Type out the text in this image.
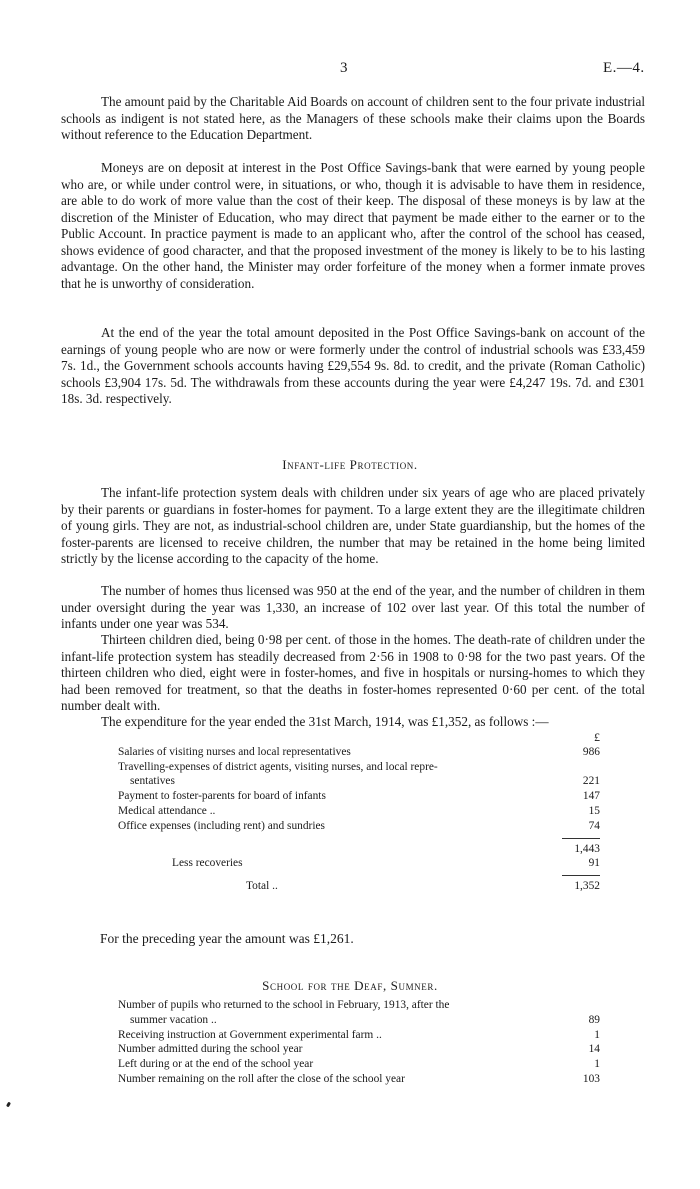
3	E.—4.

The amount paid by the Charitable Aid Boards on account of children sent to the four private industrial schools as indigent is not stated here, as the Managers of these schools make their claims upon the Boards without reference to the Education Department.

Moneys are on deposit at interest in the Post Office Savings-bank that were earned by young people who are, or while under control were, in situations, or who, though it is advisable to have them in residence, are able to do work of more value than the cost of their keep. The disposal of these moneys is by law at the discretion of the Minister of Education, who may direct that payment be made either to the earner or to the Public Account. In practice payment is made to an applicant who, after the control of the school has ceased, shows evidence of good character, and that the proposed investment of the money is likely to be to his lasting advantage. On the other hand, the Minister may order forfeiture of the money when a former inmate proves that he is unworthy of consideration.

At the end of the year the total amount deposited in the Post Office Savings-bank on account of the earnings of young people who are now or were formerly under the control of industrial schools was £33,459 7s. 1d., the Government schools accounts having £29,554 9s. 8d. to credit, and the private (Roman Catholic) schools £3,904 17s. 5d. The withdrawals from these accounts during the year were £4,247 19s. 7d. and £301 18s. 3d. respectively.

Infant-life Protection.

The infant-life protection system deals with children under six years of age who are placed privately by their parents or guardians in foster-homes for payment. To a large extent they are the illegitimate children of young girls. They are not, as industrial-school children are, under State guardianship, but the homes of the foster-parents are licensed to receive children, the number that may be retained in the home being limited strictly by the license according to the capacity of the home.

The number of homes thus licensed was 950 at the end of the year, and the number of children in them under oversight during the year was 1,330, an increase of 102 over last year. Of this total the number of infants under one year was 534.

Thirteen children died, being 0·98 per cent. of those in the homes. The death-rate of children under the infant-life protection system has steadily decreased from 2·56 in 1908 to 0·98 for the two past years. Of the thirteen children who died, eight were in foster-homes, and five in hospitals or nursing-homes to which they had been removed for treatment, so that the deaths in foster-homes represented 0·60 per cent. of the total number dealt with.

The expenditure for the year ended the 31st March, 1914, was £1,352, as follows :—

£
Salaries of visiting nurses and local representatives	986
Travelling-expenses of district agents, visiting nurses, and local repre-
sentatives	221
Payment to foster-parents for board of infants	147
Medical attendance ..	15
Office expenses (including rent) and sundries	74
1,443
Less recoveries	91
Total ..	1,352
For the preceding year the amount was £1,261.
School for the Deaf, Sumner.
Number of pupils who returned to the school in February, 1913, after the
summer vacation ..	89
Receiving instruction at Government experimental farm ..	1
Number admitted during the school year	14
Left during or at the end of the school year	1
Number remaining on the roll after the close of the school year	103
